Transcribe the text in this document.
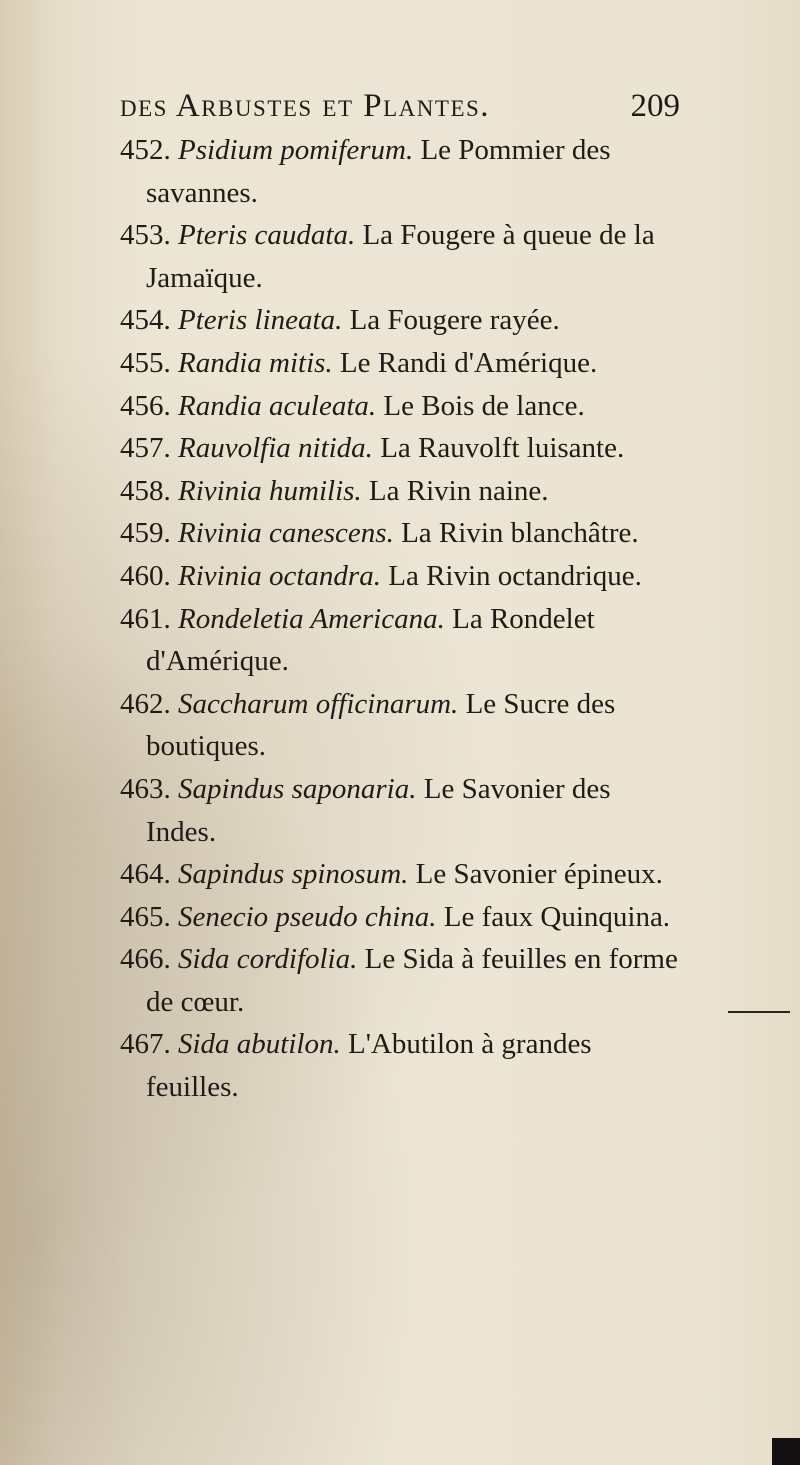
des Arbustes et Plantes.	209

452. Psidium pomiferum. Le Pommier des savannes.

453. Pteris caudata. La Fougere à queue de la Jamaïque.

454. Pteris lineata. La Fougere rayée.

455. Randia mitis. Le Randi d'Amérique.

456. Randia aculeata. Le Bois de lance.

457. Rauvolfia nitida. La Rauvolft luisante.

458. Rivinia humilis. La Rivin naine.

459. Rivinia canescens. La Rivin blanchâtre.

460. Rivinia octandra. La Rivin octandrique.

461. Rondeletia Americana. La Rondelet d'Amérique.

462. Saccharum officinarum. Le Sucre des boutiques.

463. Sapindus saponaria. Le Savonier des Indes.

464. Sapindus spinosum. Le Savonier épineux.

465. Senecio pseudo china. Le faux Quinquina.

466. Sida cordifolia. Le Sida à feuilles en forme de cœur.

467. Sida abutilon. L'Abutilon à grandes feuilles.
